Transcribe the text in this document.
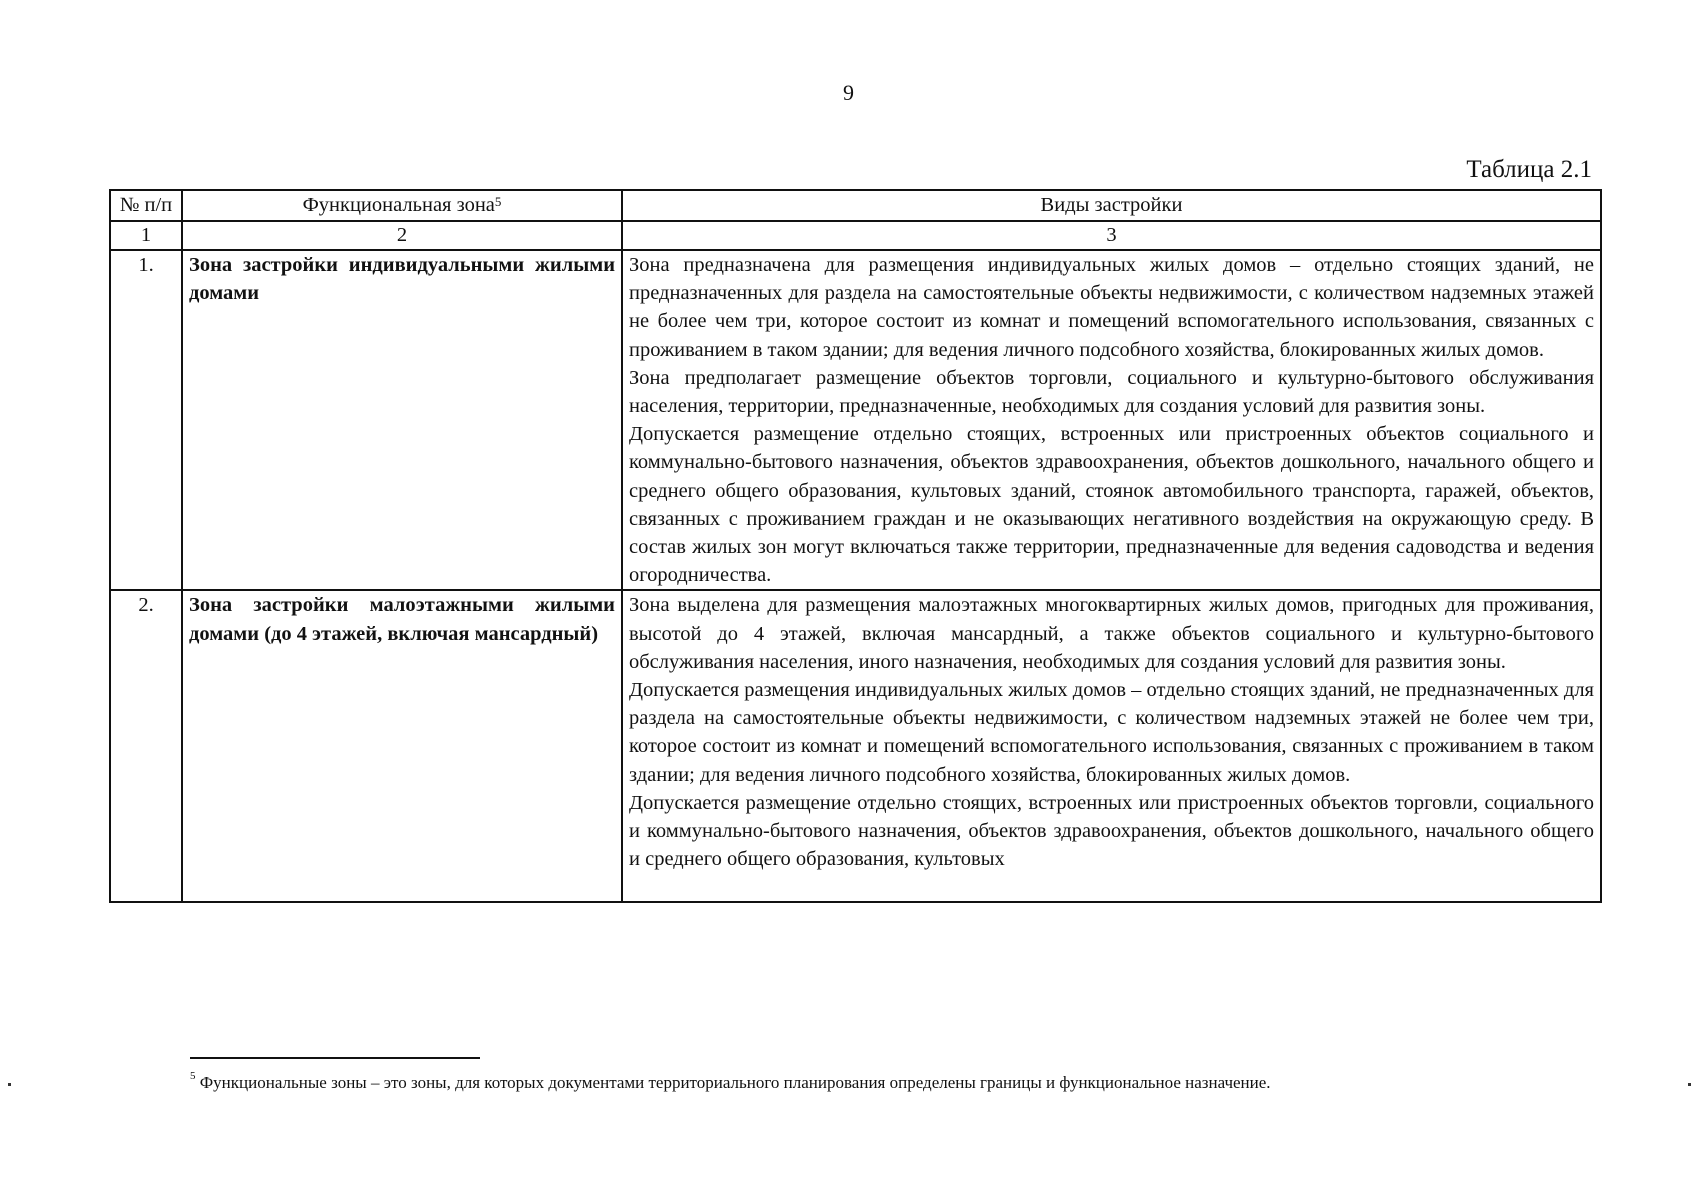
9
Таблица 2.1
№ п/п	Функциональная зона$^5$	Виды застройки
1	2	3
1.	Зона застройки индивидуальными жилыми домами	Зона предназначена для размещения индивидуальных жилых домов – отдельно стоящих зданий, не предназначенных для раздела на самостоятельные объекты недвижимости, с количеством надземных этажей не более чем три, которое состоит из комнат и помещений вспомогательного использования, связанных с проживанием в таком здании; для ведения личного подсобного хозяйства, блокированных жилых домов.

Зона предполагает размещение объектов торговли, социального и культурно-бытового обслуживания населения, территории, предназначенные, необходимых для создания условий для развития зоны.

Допускается размещение отдельно стоящих, встроенных или пристроенных объектов социального и коммунально-бытового назначения, объектов здравоохранения, объектов дошкольного, начального общего и среднего общего образования, культовых зданий, стоянок автомобильного транспорта, гаражей, объектов, связанных с проживанием граждан и не оказывающих негативного воздействия на окружающую среду. В состав жилых зон могут включаться также территории, предназначенные для ведения садоводства и ведения огородничества.

2.	Зона застройки малоэтажными жилыми домами (до 4 этажей, включая мансардный)	Зона выделена для размещения малоэтажных многоквартирных жилых домов, пригодных для проживания, высотой до 4 этажей, включая мансардный, а также объектов социального и культурно-бытового обслуживания населения, иного назначения, необходимых для создания условий для развития зоны.

Допускается размещения индивидуальных жилых домов – отдельно стоящих зданий, не предназначенных для раздела на самостоятельные объекты недвижимости, с количеством надземных этажей не более чем три, которое состоит из комнат и помещений вспомогательного использования, связанных с проживанием в таком здании; для ведения личного подсобного хозяйства, блокированных жилых домов.

Допускается размещение отдельно стоящих, встроенных или пристроенных объектов торговли, социального и коммунально-бытового назначения, объектов здравоохранения, объектов дошкольного, начального общего и среднего общего образования, культовых

$^5$ Функциональные зоны – это зоны, для которых документами территориального планирования определены границы и функциональное назначение.
